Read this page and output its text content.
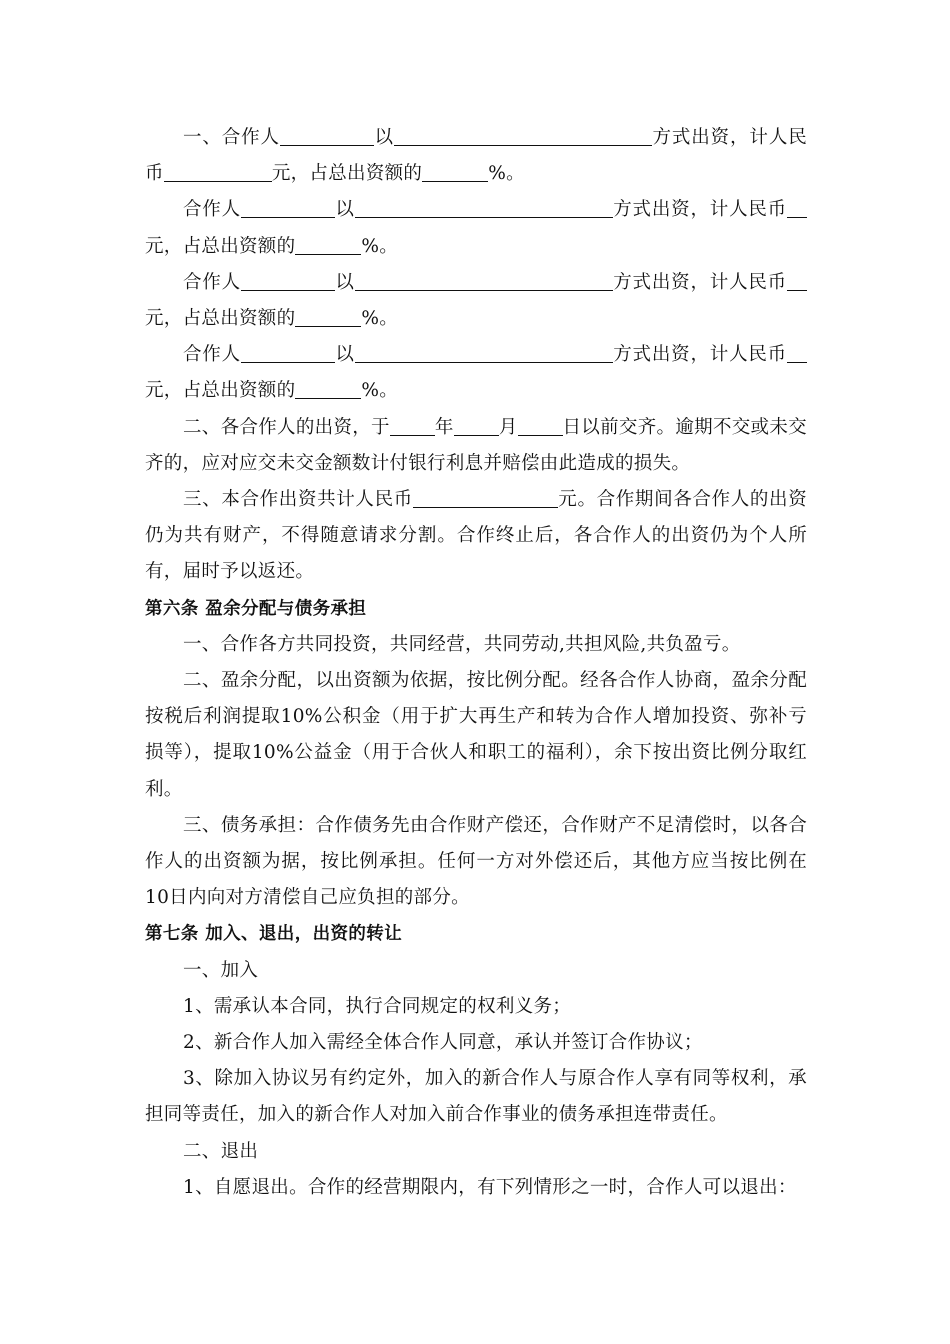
一、合作人	以	方式出资，计人民币	元，占总出资额的	%。

合作人	以	方式出资，计人民币元，占总出资额的	%。

合作人	以	方式出资，计人民币元，占总出资额的	%。

合作人	以	方式出资，计人民币元，占总出资额的	%。

二、各合作人的出资，于 年 月 日以前交齐。逾期不交或未交齐的，应对应交未交金额数计付银行利息并赔偿由此造成的损失。

三、本合作出资共计人民币	元。合作期间各合作人的出资仍为共有财产，不得随意请求分割。合作终止后，各合作人的出资仍为个人所有，届时予以返还。

第六条 盈余分配与债务承担

一、合作各方共同投资，共同经营，共同劳动,共担风险,共负盈亏。

二、盈余分配，以出资额为依据，按比例分配。经各合作人协商，盈余分配按税后利润提取10%公积金（用于扩大再生产和转为合作人增加投资、弥补亏损等），提取10%公益金（用于合伙人和职工的福利），余下按出资比例分取红利。

三、债务承担：合作债务先由合作财产偿还，合作财产不足清偿时，以各合作人的出资额为据，按比例承担。任何一方对外偿还后，其他方应当按比例在10日内向对方清偿自己应负担的部分。

第七条 加入、退出，出资的转让

一、加入

1、需承认本合同，执行合同规定的权利义务；

2、新合作人加入需经全体合作人同意，承认并签订合作协议；

3、除加入协议另有约定外，加入的新合作人与原合作人享有同等权利，承担同等责任，加入的新合作人对加入前合作事业的债务承担连带责任。

二、退出

1、自愿退出。合作的经营期限内，有下列情形之一时，合作人可以退出：
